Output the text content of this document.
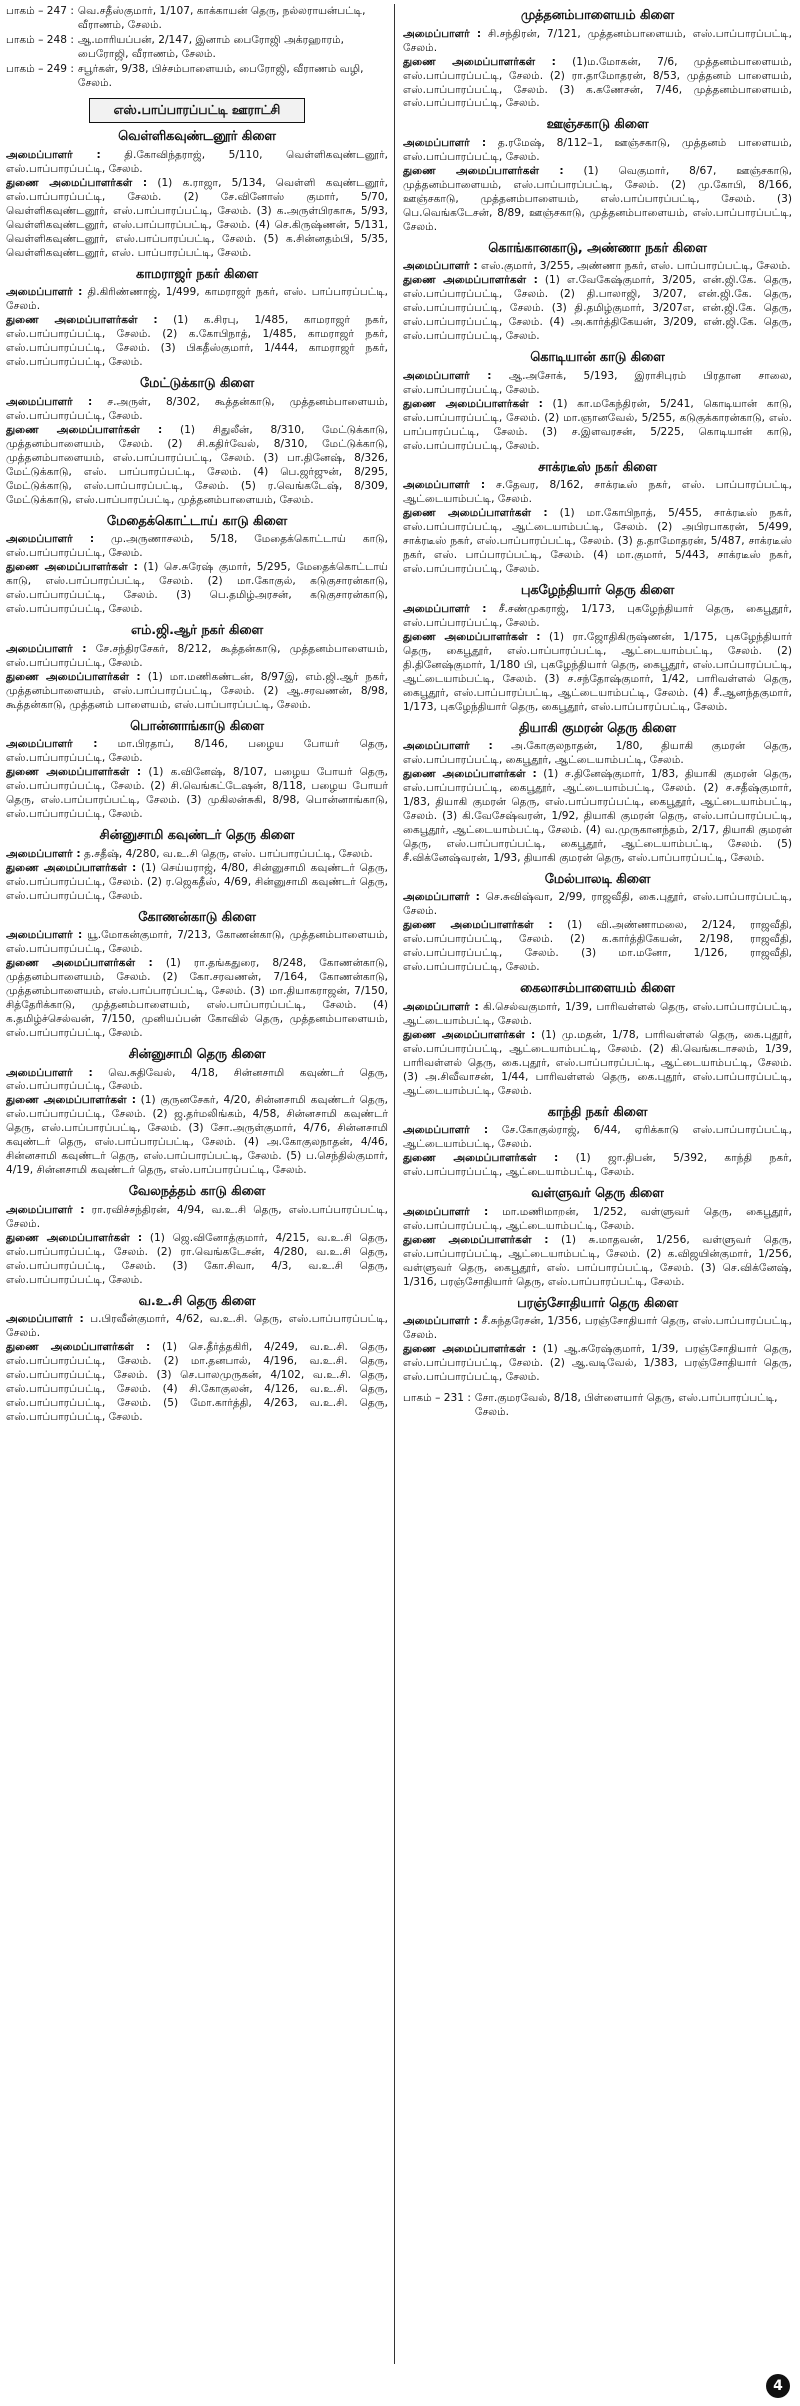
பாகம் – 247 : வெ.சதீஸ்குமார், 1/107, காக்காயன் தெரு, நல்லராயன்பட்டி, வீராணம், சேலம்.
பாகம் – 248 : ஆ.மாரியப்பன், 2/147, இனாம் பைரோஜி அக்ரஹாரம், பைரோஜி, வீராணம், சேலம்.
பாகம் – 249 : சபூர்கள், 9/38, பிச்சம்பாளையம், பைரோஜி, வீராணம் வழி, சேலம்.
எஸ்.பாப்பாரப்பட்டி ஊராட்சி
வெள்ளிகவுண்டனூர் கிளை

அமைப்பாளர் : தி.கோவிந்தராஜ், 5/110, வெள்ளிகவுண்டனூர், எஸ்.பாப்பாரப்பட்டி, சேலம்.

துணை அமைப்பாளர்கள் : (1) க.ராஜா, 5/134, வெள்ளி கவுண்டனூர், எஸ்.பாப்பாரப்பட்டி, சேலம். (2) சே.வினோஸ் குமார், 5/70, வெள்ளிகவுண்டனூர், எஸ்.பாப்பாரப்பட்டி, சேலம். (3) க.அருள்பிரகாசு, 5/93, வெள்ளிகவுண்டனூர், எஸ்.பாப்பாரப்பட்டி, சேலம். (4) செ.கிருஷ்ணன், 5/131, வெள்ளிகவுண்டனூர், எஸ்.பாப்பாரப்பட்டி, சேலம். (5) க.சின்னதம்பி, 5/35, வெள்ளிகவுண்டனூர், எஸ். பாப்பாரப்பட்டி, சேலம்.

காமராஜர் நகர் கிளை

அமைப்பாளர் : தி.கிரிண்ணாஜ், 1/499, காமராஜர் நகர், எஸ். பாப்பாரப்பட்டி, சேலம்.

துணை அமைப்பாளர்கள் : (1) க.சிரபு, 1/485, காமராஜர் நகர், எஸ்.பாப்பாரப்பட்டி, சேலம். (2) க.கோபிநாத், 1/485, காமராஜர் நகர், எஸ்.பாப்பாரப்பட்டி, சேலம். (3) பிகதீஸ்குமார், 1/444, காமராஜர் நகர், எஸ்.பாப்பாரப்பட்டி, சேலம்.

மேட்டுக்காடு கிளை

அமைப்பாளர் : ச.அருள், 8/302, கூத்தன்காடு, முத்தனம்பாளையம், எஸ்.பாப்பாரப்பட்டி, சேலம்.

துணை அமைப்பாளர்கள் : (1) சிதுலீன், 8/310, மேட்டுக்காடு, முத்தனம்பாளையம், சேலம். (2) சி.கதிர்வேல், 8/310, மேட்டுக்காடு, முத்தனம்பாளையம், எஸ்.பாப்பாரப்பட்டி, சேலம். (3) பா.தினேஷ், 8/326, மேட்டுக்காடு, எஸ். பாப்பாரப்பட்டி, சேலம். (4) பெ.ஜர்ஜுன், 8/295, மேட்டுக்காடு, எஸ்.பாப்பாரப்பட்டி, சேலம். (5) ர.வெங்கடேஷ், 8/309, மேட்டுக்காடு, எஸ்.பாப்பாரப்பட்டி, முத்தனம்பாளையம், சேலம்.

மேதைக்கொட்டாய் காடு கிளை

அமைப்பாளர் : மு.அருணாசலம், 5/18, மேதைக்கொட்டாய் காடு, எஸ்.பாப்பாரப்பட்டி, சேலம்.

துணை அமைப்பாளர்கள் : (1) செ.சுரேஷ் குமார், 5/295, மேதைக்கொட்டாய் காடு, எஸ்.பாப்பாரப்பட்டி, சேலம். (2) மா.கோகுல், கடுகுசாரன்காடு, எஸ்.பாப்பாரப்பட்டி, சேலம். (3) பெ.தமிழ்அரசன், கடுகுசாரன்காடு, எஸ்.பாப்பாரப்பட்டி, சேலம்.

எம்.ஜி.ஆர் நகர் கிளை

அமைப்பாளர் : சே.சந்திரசேகர், 8/212, கூத்தன்காடு, முத்தனம்பாளையம், எஸ்.பாப்பாரப்பட்டி, சேலம்.

துணை அமைப்பாளர்கள் : (1) மா.மணிகண்டன், 8/97இ, எம்.ஜி.ஆர் நகர், முத்தனம்பாளையம், எஸ்.பாப்பாரப்பட்டி, சேலம். (2) ஆ.சரவணன், 8/98, கூத்தன்காடு, முத்தனம் பாளையம், எஸ்.பாப்பாரப்பட்டி, சேலம்.

பொன்னாங்காடு கிளை

அமைப்பாளர் : மா.பிரதாப், 8/146, பழைய போயர் தெரு, எஸ்.பாப்பாரப்பட்டி, சேலம்.

துணை அமைப்பாளர்கள் : (1) க.வினேஷ், 8/107, பழைய போயர் தெரு, எஸ்.பாப்பாரப்பட்டி, சேலம். (2) சி.வெங்கட்டேஷன், 8/118, பழைய போயர் தெரு, எஸ்.பாப்பாரப்பட்டி, சேலம். (3) முகிலன்சுகி, 8/98, பொன்னாங்காடு, எஸ்.பாப்பாரப்பட்டி, சேலம்.

சின்னுசாமி கவுண்டர் தெரு கிளை

அமைப்பாளர் : த.சதீஷ், 4/280, வ.உ.சி தெரு, எஸ். பாப்பாரப்பட்டி, சேலம்.

துணை அமைப்பாளர்கள் : (1) செய்யராஜ், 4/80, சின்னுசாமி கவுண்டர் தெரு, எஸ்.பாப்பாரப்பட்டி, சேலம். (2) ர.ஜெகதீஸ், 4/69, சின்னுசாமி கவுண்டர் தெரு, எஸ்.பாப்பாரப்பட்டி, சேலம்.

கோணன்காடு கிளை

அமைப்பாளர் : யூ.மோகன்குமார், 7/213, கோணன்காடு, முத்தனம்பாளையம், எஸ்.பாப்பாரப்பட்டி, சேலம்.

துணை அமைப்பாளர்கள் : (1) ரா.தங்கதுரை, 8/248, கோணன்காடு, முத்தனம்பாளையம், சேலம். (2) கோ.சரவணன், 7/164, கோணன்காடு, முத்தனம்பாளையம், எஸ்.பாப்பாரப்பட்டி, சேலம். (3) மா.தியாகராஜன், 7/150, சித்தேரிக்காடு, முத்தனம்பாளையம், எஸ்.பாப்பாரப்பட்டி, சேலம். (4) க.தமிழ்ச்செல்வன், 7/150, முனியப்பன் கோவில் தெரு, முத்தனம்பாளையம், எஸ்.பாப்பாரப்பட்டி, சேலம்.

சின்னுசாமி தெரு கிளை

அமைப்பாளர் : வெ.சுதிவேல், 4/18, சின்னசாமி கவுண்டர் தெரு, எஸ்.பாப்பாரப்பட்டி, சேலம்.

துணை அமைப்பாளர்கள் : (1) குருனசேகர், 4/20, சின்னசாமி கவுண்டர் தெரு, எஸ்.பாப்பாரப்பட்டி, சேலம். (2) ஜ.தர்மலிங்கம், 4/58, சின்னசாமி கவுண்டர் தெரு, எஸ்.பாப்பாரப்பட்டி, சேலம். (3) சோ.அருள்குமார், 4/76, சின்னசாமி கவுண்டர் தெரு, எஸ்.பாப்பாரப்பட்டி, சேலம். (4) அ.கோகுலநாதன், 4/46, சின்னசாமி கவுண்டர் தெரு, எஸ்.பாப்பாரப்பட்டி, சேலம். (5) ப.செந்தில்குமார், 4/19, சின்னசாமி கவுண்டர் தெரு, எஸ்.பாப்பாரப்பட்டி, சேலம்.

வேலநத்தம் காடு கிளை

அமைப்பாளர் : ரா.ரவிச்சந்திரன், 4/94, வ.உ.சி தெரு, எஸ்.பாப்பாரப்பட்டி, சேலம்.

துணை அமைப்பாளர்கள் : (1) ஜெ.வினோத்குமார், 4/215, வ.உ.சி தெரு, எஸ்.பாப்பாரப்பட்டி, சேலம். (2) ரா.வெங்கடேசன், 4/280, வ.உ.சி தெரு, எஸ்.பாப்பாரப்பட்டி, சேலம். (3) கோ.சிவா, 4/3, வ.உ.சி தெரு, எஸ்.பாப்பாரப்பட்டி, சேலம்.

வ.உ.சி தெரு கிளை

அமைப்பாளர் : ப.பிரவீன்குமார், 4/62, வ.உ.சி. தெரு, எஸ்.பாப்பாரப்பட்டி, சேலம்.

துணை அமைப்பாளர்கள் : (1) செ.தீர்த்தகிரி, 4/249, வ.உ.சி. தெரு, எஸ்.பாப்பாரப்பட்டி, சேலம். (2) மா.தனபால், 4/196, வ.உ.சி. தெரு, எஸ்.பாப்பாரப்பட்டி, சேலம். (3) செ.பாலமுருகன், 4/102, வ.உ.சி. தெரு, எஸ்.பாப்பாரப்பட்டி, சேலம். (4) சி.கோகுலன், 4/126, வ.உ.சி. தெரு, எஸ்.பாப்பாரப்பட்டி, சேலம். (5) மோ.கார்த்தி, 4/263, வ.உ.சி. தெரு, எஸ்.பாப்பாரப்பட்டி, சேலம்.

முத்தனம்பாளையம் கிளை

அமைப்பாளர் : சி.சந்திரன், 7/121, முத்தனம்பாளையம், எஸ்.பாப்பாரப்பட்டி, சேலம்.

துணை அமைப்பாளர்கள் : (1)ம.மோகன், 7/6, முத்தனம்பாளையம், எஸ்.பாப்பாரப்பட்டி, சேலம். (2) ரா.தாமோதரன், 8/53, முத்தனம் பாளையம், எஸ்.பாப்பாரப்பட்டி, சேலம். (3) க.கணேசன், 7/46, முத்தனம்பாளையம், எஸ்.பாப்பாரப்பட்டி, சேலம்.

ஊஞ்சகாடு கிளை

அமைப்பாளர் : த.ரமேஷ், 8/112–1, ஊஞ்சகாடு, முத்தனம் பாளையம், எஸ்.பாப்பாரப்பட்டி, சேலம்.

துணை அமைப்பாளர்கள் : (1) வெகுமார், 8/67, ஊஞ்சகாடு, முத்தனம்பாளையம், எஸ்.பாப்பாரப்பட்டி, சேலம். (2) மு.கோபி, 8/166, ஊஞ்சகாடு, முத்தனம்பாளையம், எஸ்.பாப்பாரப்பட்டி, சேலம். (3) பெ.வெங்கடேசன், 8/89, ஊஞ்சகாடு, முத்தனம்பாளையம், எஸ்.பாப்பாரப்பட்டி, சேலம்.

கொங்கானகாடு, அண்ணா நகர் கிளை

அமைப்பாளர் : எஸ்.குமார், 3/255, அண்ணா நகர், எஸ். பாப்பாரப்பட்டி, சேலம்.

துணை அமைப்பாளர்கள் : (1) எ.வேகேஷ்குமார், 3/205, என்.ஜி.கே. தெரு, எஸ்.பாப்பாரப்பட்டி, சேலம். (2) தி.பாலாஜி, 3/207, என்.ஜி.கே. தெரு, எஸ்.பாப்பாரப்பட்டி, சேலம். (3) தி.தமிழ்குமார், 3/207எ, என்.ஜி.கே. தெரு, எஸ்.பாப்பாரப்பட்டி, சேலம். (4) அ.கார்த்திகேயன், 3/209, என்.ஜி.கே. தெரு, எஸ்.பாப்பாரப்பட்டி, சேலம்.

கொடியான் காடு கிளை

அமைப்பாளர் : ஆ.அசோக், 5/193, இராசிபுரம் பிரதான சாலை, எஸ்.பாப்பாரப்பட்டி, சேலம்.

துணை அமைப்பாளர்கள் : (1) கா.மகேந்திரன், 5/241, கொடியான் காடு, எஸ்.பாப்பாரப்பட்டி, சேலம். (2) மா.ஞானவேல், 5/255, கடுகுக்காரன்காடு, எஸ். பாப்பாரப்பட்டி, சேலம். (3) ச.இளவரசன், 5/225, கொடியான் காடு, எஸ்.பாப்பாரப்பட்டி, சேலம்.

சாக்ரடீஸ் நகர் கிளை

அமைப்பாளர் : ச.தேவர, 8/162, சாக்ரடீஸ் நகர், எஸ். பாப்பாரப்பட்டி, ஆட்டையாம்பட்டி, சேலம்.

துணை அமைப்பாளர்கள் : (1) மா.கோபிநாத், 5/455, சாக்ரடீஸ் நகர், எஸ்.பாப்பாரப்பட்டி, ஆட்டையாம்பட்டி, சேலம். (2) அபிரபாகரன், 5/499, சாக்ரடீஸ் நகர், எஸ்.பாப்பாரப்பட்டி, சேலம். (3) த.தாமோதரன், 5/487, சாக்ரடீஸ் நகர், எஸ். பாப்பாரப்பட்டி, சேலம். (4) மா.குமார், 5/443, சாக்ரடீஸ் நகர், எஸ்.பாப்பாரப்பட்டி, சேலம்.

புகழேந்தியார் தெரு கிளை

அமைப்பாளர் : சீ.சண்முகராஜ், 1/173, புகழேந்தியார் தெரு, கைபூதூர், எஸ்.பாப்பாரப்பட்டி, சேலம்.

துணை அமைப்பாளர்கள் : (1) ரா.ஜோதிகிருஷ்ணன், 1/175, புகழேந்தியார் தெரு, கைபூதூர், எஸ்.பாப்பாரப்பட்டி, ஆட்டையாம்பட்டி, சேலம். (2) தி.தினேஷ்குமார், 1/180 பி, புகழேந்தியார் தெரு, கைபூதூர், எஸ்.பாப்பாரப்பட்டி, ஆட்டையாம்பட்டி, சேலம். (3) ச.சந்தோஷ்குமார், 1/42, பாரிவள்ளல் தெரு, கைபூதூர், எஸ்.பாப்பாரப்பட்டி, ஆட்டையாம்பட்டி, சேலம். (4) சீ.ஆனந்தகுமார், 1/173, புகழேந்தியார் தெரு, கைபூதூர், எஸ்.பாப்பாரப்பட்டி, சேலம்.

தியாகி குமரன் தெரு கிளை

அமைப்பாளர் : அ.கோகுலநாதன், 1/80, தியாகி குமரன் தெரு, எஸ்.பாப்பாரப்பட்டி, கைபூதூர், ஆட்டையாம்பட்டி, சேலம்.

துணை அமைப்பாளர்கள் : (1) ச.தினேஷ்குமார், 1/83, தியாகி குமரன் தெரு, எஸ்.பாப்பாரப்பட்டி, கைபூதூர், ஆட்டையாம்பட்டி, சேலம். (2) ச.சதீஷ்குமார், 1/83, தியாகி குமரன் தெரு, எஸ்.பாப்பாரப்பட்டி, கைபூதூர், ஆட்டையாம்பட்டி, சேலம். (3) கி.வேசேஷ்வரன், 1/92, தியாகி குமரன் தெரு, எஸ்.பாப்பாரப்பட்டி, கைபூதூர், ஆட்டையாம்பட்டி, சேலம். (4) வ.முருகானந்தம், 2/17, தியாகி குமரன் தெரு, எஸ்.பாப்பாரப்பட்டி, கைபூதூர், ஆட்டையாம்பட்டி, சேலம். (5) சீ.விக்னேஷ்வரன், 1/93, தியாகி குமரன் தெரு, எஸ்.பாப்பாரப்பட்டி, சேலம்.

மேல்பாலடி கிளை

அமைப்பாளர் : செ.சுவிஷ்வா, 2/99, ராஜவீதி, கை.புதூர், எஸ்.பாப்பாரப்பட்டி, சேலம்.

துணை அமைப்பாளர்கள் : (1) வி.அண்ணாமலை, 2/124, ராஜவீதி, எஸ்.பாப்பாரப்பட்டி, சேலம். (2) க.கார்த்திகேயன், 2/198, ராஜவீதி, எஸ்.பாப்பாரப்பட்டி, சேலம். (3) மா.மனோ, 1/126, ராஜவீதி, எஸ்.பாப்பாரப்பட்டி, சேலம்.

கைலாசம்பாளையம் கிளை

அமைப்பாளர் : கி.செல்வகுமார், 1/39, பாரிவள்ளல் தெரு, எஸ்.பாப்பாரப்பட்டி, ஆட்டையாம்பட்டி, சேலம்.

துணை அமைப்பாளர்கள் : (1) மு.மதன், 1/78, பாரிவள்ளல் தெரு, கை.புதூர், எஸ்.பாப்பாரப்பட்டி, ஆட்டையாம்பட்டி, சேலம். (2) கி.வெங்கடாசலம், 1/39, பாரிவள்ளல் தெரு, கை.புதூர், எஸ்.பாப்பாரப்பட்டி, ஆட்டையாம்பட்டி, சேலம். (3) அ.சிவீவாசன், 1/44, பாரிவள்ளல் தெரு, கை.புதூர், எஸ்.பாப்பாரப்பட்டி, ஆட்டையாம்பட்டி, சேலம்.

காந்தி நகர் கிளை

அமைப்பாளர் : சே.கோகுல்ராஜ், 6/44, ஏரிக்காடு எஸ்.பாப்பாரப்பட்டி, ஆட்டையாம்பட்டி, சேலம்.

துணை அமைப்பாளர்கள் : (1) ஜா.திபன், 5/392, காந்தி நகர், எஸ்.பாப்பாரப்பட்டி, ஆட்டையாம்பட்டி, சேலம்.

வள்ளுவர் தெரு கிளை

அமைப்பாளர் : மா.மணிமாறன், 1/252, வள்ளுவர் தெரு, கைபூதூர், எஸ்.பாப்பாரப்பட்டி, ஆட்டையாம்பட்டி, சேலம்.

துணை அமைப்பாளர்கள் : (1) சு.மாதவன், 1/256, வள்ளுவர் தெரு, எஸ்.பாப்பாரப்பட்டி, ஆட்டையாம்பட்டி, சேலம். (2) க.விஜயின்குமார், 1/256, வள்ளுவர் தெரு, கைபூதூர், எஸ். பாப்பாரப்பட்டி, சேலம். (3) செ.விக்னேஷ், 1/316, பரஞ்சோதியார் தெரு, எஸ்.பாப்பாரப்பட்டி, சேலம்.

பரஞ்சோதியார் தெரு கிளை

அமைப்பாளர் : சீ.சுந்தரேசன், 1/356, பரஞ்சோதியார் தெரு, எஸ்.பாப்பாரப்பட்டி, சேலம்.

துணை அமைப்பாளர்கள் : (1) ஆ.சுரேஷ்குமார், 1/39, பரஞ்சோதியார் தெரு, எஸ்.பாப்பாரப்பட்டி, சேலம். (2) ஆ.வடிவேல், 1/383, பரஞ்சோதியார் தெரு, எஸ்.பாப்பாரப்பட்டி, சேலம்.

பாகம் – 231 : சோ.குமரவேல், 8/18, பிள்ளையார் தெரு, எஸ்.பாப்பாரப்பட்டி, சேலம்.
4
